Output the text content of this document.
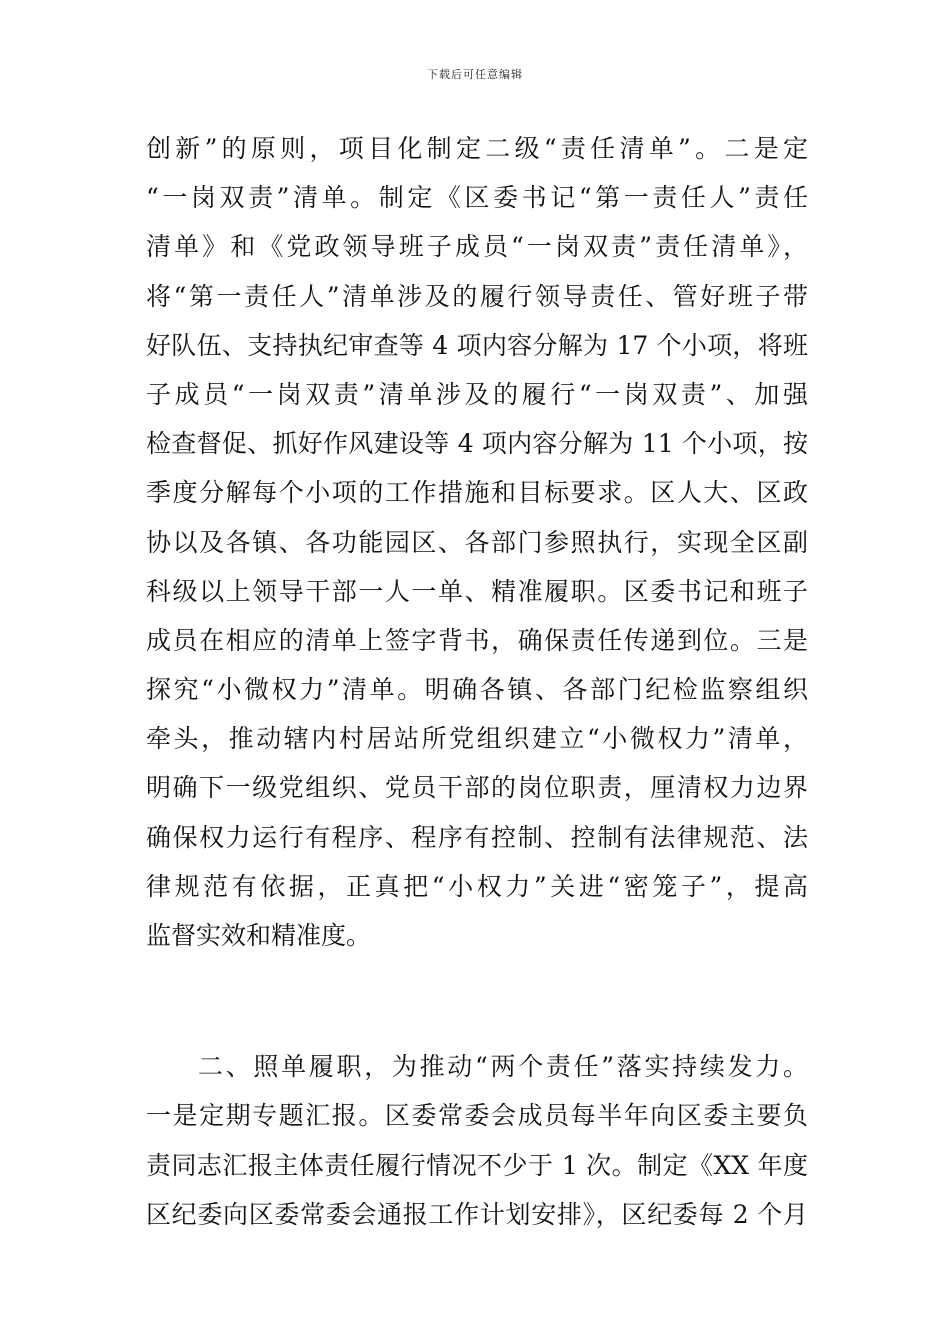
下载后可任意编辑
创新”的原则，项目化制定二级“责任清单”。二是定
“一岗双责”清单。制定《区委书记“第一责任人”责任
清单》和《党政领导班子成员“一岗双责”责任清单》，
将“第一责任人”清单涉及的履行领导责任、管好班子带
好队伍、支持执纪审查等 4 项内容分解为 17 个小项，将班
子成员“一岗双责”清单涉及的履行“一岗双责”、加强
检查督促、抓好作风建设等 4 项内容分解为 11 个小项，按
季度分解每个小项的工作措施和目标要求。区人大、区政
协以及各镇、各功能园区、各部门参照执行，实现全区副
科级以上领导干部一人一单、精准履职。区委书记和班子
成员在相应的清单上签字背书，确保责任传递到位。三是
探究“小微权力”清单。明确各镇、各部门纪检监察组织
牵头，推动辖内村居站所党组织建立“小微权力”清单，
明确下一级党组织、党员干部的岗位职责，厘清权力边界
确保权力运行有程序、程序有控制、控制有法律规范、法
律规范有依据，正真把“小权力”关进“密笼子”，提高
监督实效和精准度。
二、照单履职，为推动“两个责任”落实持续发力。
一是定期专题汇报。区委常委会成员每半年向区委主要负
责同志汇报主体责任履行情况不少于 1 次。制定《XX 年度
区纪委向区委常委会通报工作计划安排》，区纪委每 2 个月
